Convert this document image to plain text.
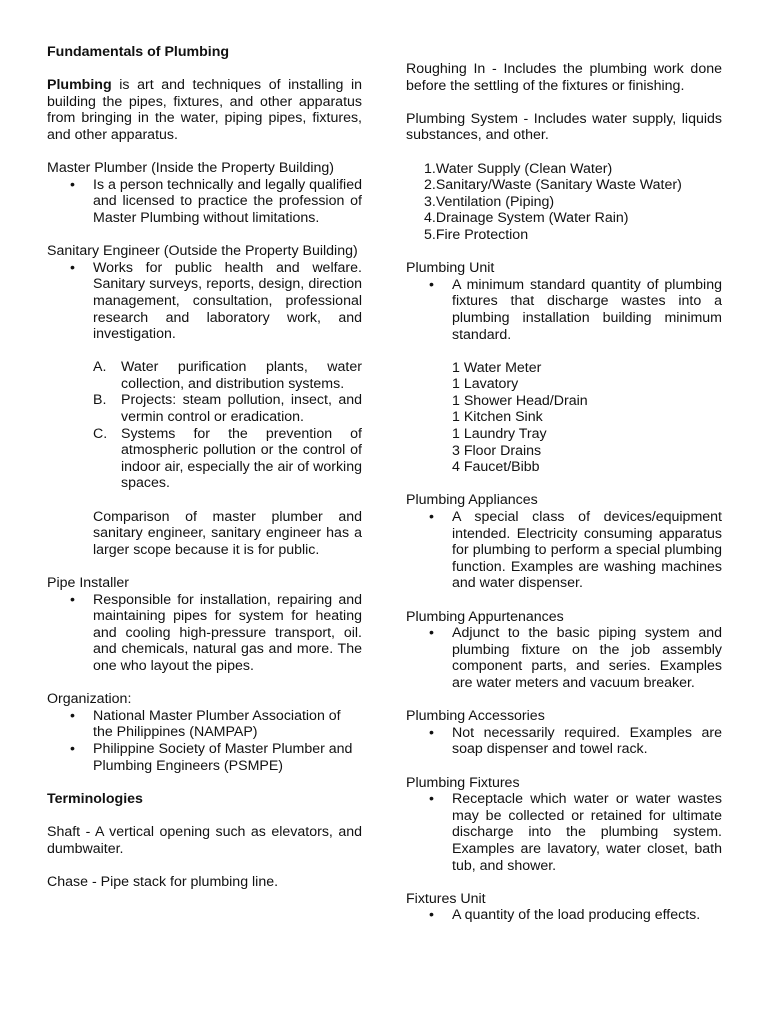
Fundamentals of Plumbing

Plumbing is art and techniques of installing in building the pipes, fixtures, and other apparatus from bringing in the water, piping pipes, fixtures, and other apparatus.

Master Plumber (Inside the Property Building)

• Is a person technically and legally qualified and licensed to practice the profession of Master Plumbing without limitations.

Sanitary Engineer (Outside the Property Building)

• Works for public health and welfare. Sanitary surveys, reports, design, direction management, consultation, professional research and laboratory work, and investigation.
A. Water purification plants, water collection, and distribution systems.
B. Projects: steam pollution, insect, and vermin control or eradication.
C. Systems for the prevention of atmospheric pollution or the control of indoor air, especially the air of working spaces.

Comparison of master plumber and sanitary engineer, sanitary engineer has a larger scope because it is for public.

Pipe Installer

• Responsible for installation, repairing and maintaining pipes for system for heating and cooling high-pressure transport, oil. and chemicals, natural gas and more. The one who layout the pipes.

Organization:

• National Master Plumber Association of the Philippines (NAMPAP)
• Philippine Society of Master Plumber and Plumbing Engineers (PSMPE)

Terminologies

Shaft - A vertical opening such as elevators, and dumbwaiter.

Chase - Pipe stack for plumbing line.

Roughing In - Includes the plumbing work done before the settling of the fixtures or finishing.

Plumbing System - Includes water supply, liquids substances, and other.

1.Water Supply (Clean Water)

2.Sanitary/Waste (Sanitary Waste Water)

3.Ventilation (Piping)

4.Drainage System (Water Rain)

5.Fire Protection

Plumbing Unit

• A minimum standard quantity of plumbing fixtures that discharge wastes into a plumbing installation building minimum standard.

1 Water Meter

1 Lavatory

1 Shower Head/Drain

1 Kitchen Sink

1 Laundry Tray

3 Floor Drains

4 Faucet/Bibb

Plumbing Appliances

• A special class of devices/equipment intended. Electricity consuming apparatus for plumbing to perform a special plumbing function. Examples are washing machines and water dispenser.

Plumbing Appurtenances

• Adjunct to the basic piping system and plumbing fixture on the job assembly component parts, and series. Examples are water meters and vacuum breaker.

Plumbing Accessories

• Not necessarily required. Examples are soap dispenser and towel rack.

Plumbing Fixtures

• Receptacle which water or water wastes may be collected or retained for ultimate discharge into the plumbing system. Examples are lavatory, water closet, bath tub, and shower.

Fixtures Unit

• A quantity of the load producing effects.
